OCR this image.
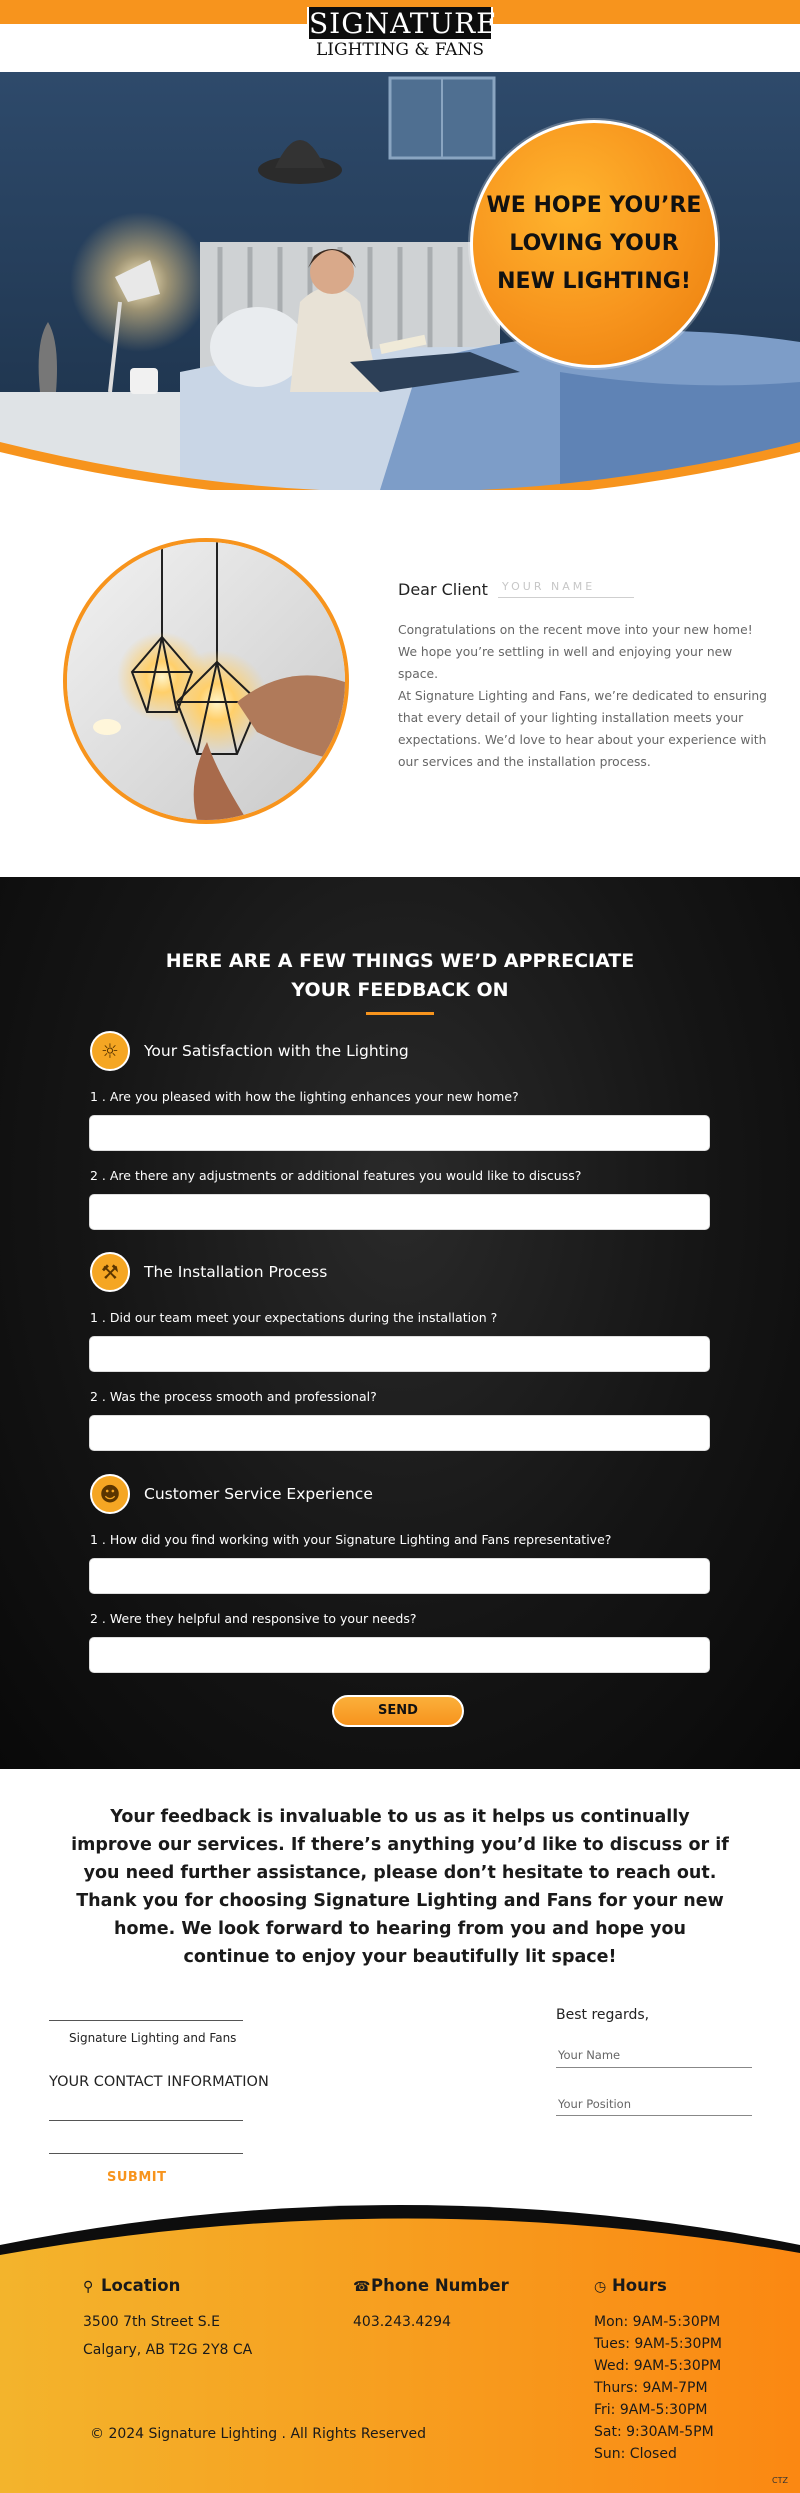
SIGNATURE
LIGHTING & FANS
WE HOPE YOU’RE LOVING YOUR NEW LIGHTING!
Dear Client
YOUR NAME

Congratulations on the recent move into your new home! We hope you’re settling in well and enjoying your new space.

At Signature Lighting and Fans, we’re dedicated to ensuring that every detail of your lighting installation meets your expectations. We’d love to hear about your experience with our services and the installation process.

HERE ARE A FEW THINGS WE’D APPRECIATE
YOUR FEEDBACK ON
☼	Your Satisfaction with the Lighting
1 . Are you pleased with how the lighting enhances your new home?
2 . Are there any adjustments or additional features you would like to discuss?
⚒	The Installation Process
1 . Did our team meet your expectations during the installation ?
2 . Was the process smooth and professional?
☻	Customer Service Experience
1 . How did you find working with your Signature Lighting and Fans representative?
2 . Were they helpful and responsive to your needs?
SEND

Your feedback is invaluable to us as it helps us continually improve our services. If there’s anything you’d like to discuss or if you need further assistance, please don’t hesitate to reach out.

Thank you for choosing Signature Lighting and Fans for your new home. We look forward to hearing from you and hope you continue to enjoy your beautifully lit space!

Signature Lighting and Fans
YOUR CONTACT INFORMATION
SUBMIT
Best regards,
Your Name
Your Position
⚲ Location
3500 7th Street S.E
Calgary, AB T2G 2Y8 CA
☎Phone Number
403.243.4294
◷ Hours
Mon: 9AM-5:30PM
Tues: 9AM-5:30PM
Wed: 9AM-5:30PM
Thurs: 9AM-7PM
Fri: 9AM-5:30PM
Sat: 9:30AM-5PM
Sun: Closed
© 2024 Signature Lighting . All Rights Reserved
CTZ
